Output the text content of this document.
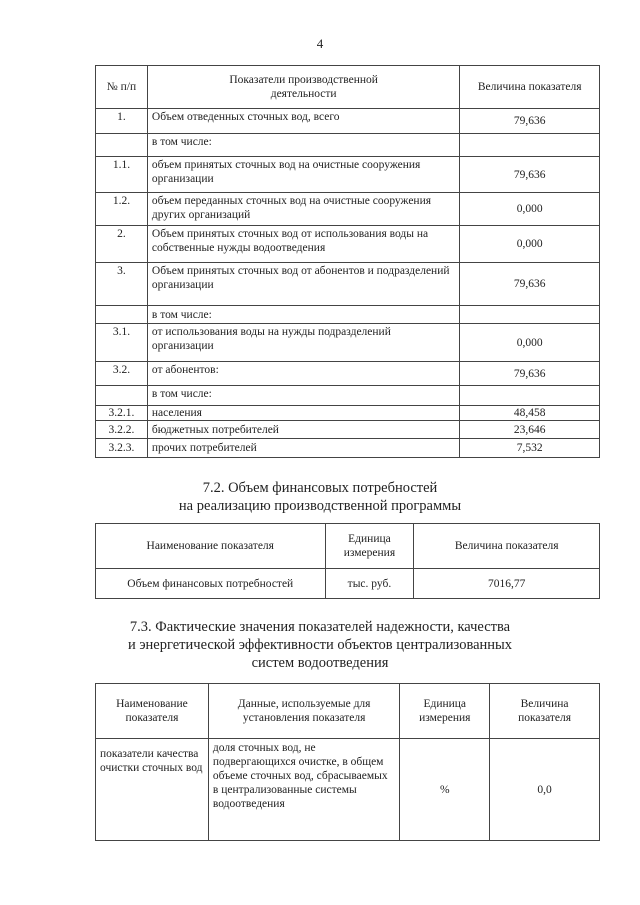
4
№ п/п	Показатели производственной деятельности	Величина показателя
1.	Объем отведенных сточных вод, всего	79,636
	в том числе:	
1.1.	объем принятых сточных вод на очистные сооружения организации	79,636
1.2.	объем переданных сточных вод на очистные сооружения других организаций	0,000
2.	Объем принятых сточных вод от использования воды на собственные нужды водоотведения	0,000
3.	Объем принятых сточных вод от абонентов и подразделений организации	79,636
	в том числе:	
3.1.	от использования воды на нужды подразделений организации	0,000
3.2.	от абонентов:	79,636
	в том числе:	
3.2.1.	населения	48,458
3.2.2.	бюджетных потребителей	23,646
3.2.3.	прочих потребителей	7,532
7.2. Объем финансовых потребностей
на реализацию производственной программы
Наименование показателя	Единица измерения	Величина показателя
Объем финансовых потребностей	тыс. руб.	7016,77
7.3. Фактические значения показателей надежности, качества
и энергетической эффективности объектов централизованных
систем водоотведения
Наименование показателя	Данные, используемые для установления показателя	Единица измерения	Величина показателя
показатели качества очистки сточных вод	доля сточных вод, не подвергающихся очистке, в общем объеме сточных вод, сбрасываемых в централизованные системы водоотведения	%	0,0
